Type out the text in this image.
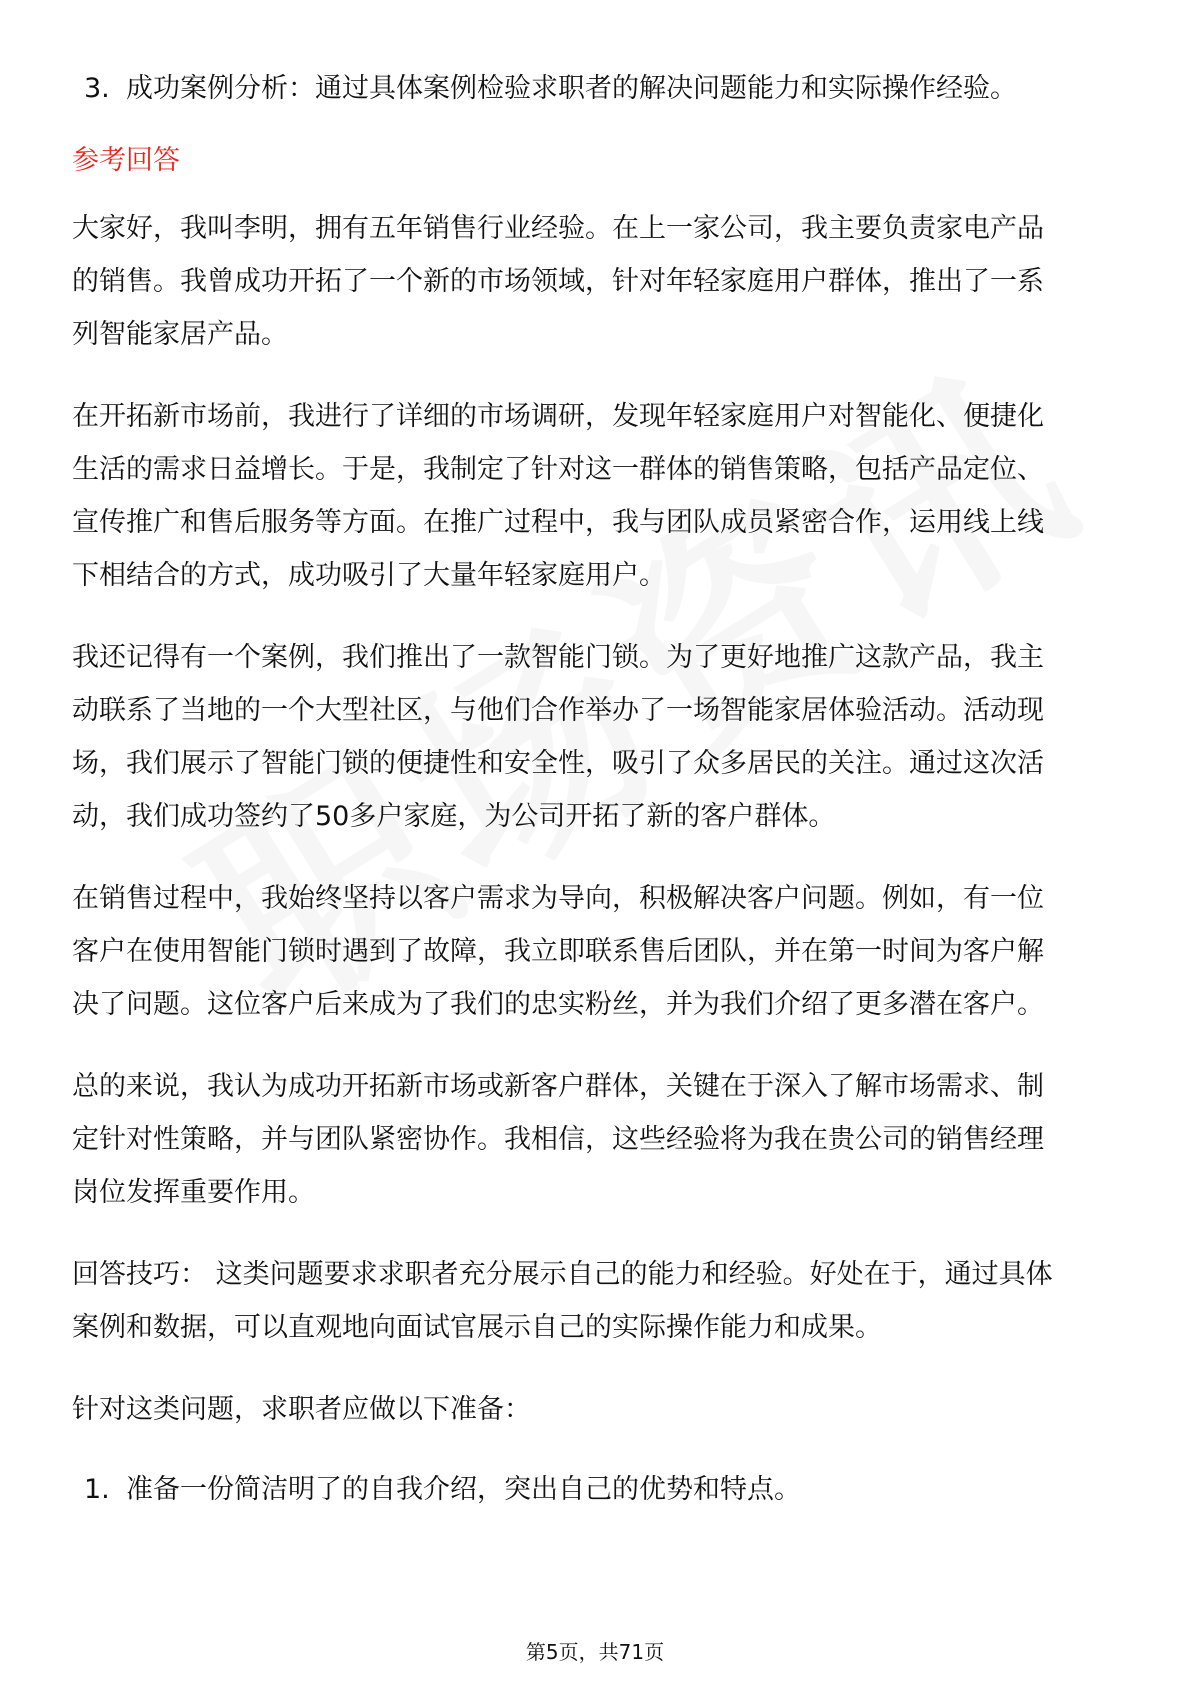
3. 成功案例分析：通过具体案例检验求职者的解决问题能力和实际操作经验。
参考回答
大家好，我叫李明，拥有五年销售行业经验。在上一家公司，我主要负责家电产品
的销售。我曾成功开拓了一个新的市场领域，针对年轻家庭用户群体，推出了一系
列智能家居产品。
在开拓新市场前，我进行了详细的市场调研，发现年轻家庭用户对智能化、便捷化
生活的需求日益增长。于是，我制定了针对这一群体的销售策略，包括产品定位、
宣传推广和售后服务等方面。在推广过程中，我与团队成员紧密合作，运用线上线
下相结合的方式，成功吸引了大量年轻家庭用户。
我还记得有一个案例，我们推出了一款智能门锁。为了更好地推广这款产品，我主
动联系了当地的一个大型社区，与他们合作举办了一场智能家居体验活动。活动现
场，我们展示了智能门锁的便捷性和安全性，吸引了众多居民的关注。通过这次活
动，我们成功签约了50多户家庭，为公司开拓了新的客户群体。
在销售过程中，我始终坚持以客户需求为导向，积极解决客户问题。例如，有一位
客户在使用智能门锁时遇到了故障，我立即联系售后团队，并在第一时间为客户解
决了问题。这位客户后来成为了我们的忠实粉丝，并为我们介绍了更多潜在客户。
总的来说，我认为成功开拓新市场或新客户群体，关键在于深入了解市场需求、制
定针对性策略，并与团队紧密协作。我相信，这些经验将为我在贵公司的销售经理
岗位发挥重要作用。
回答技巧： 这类问题要求求职者充分展示自己的能力和经验。好处在于，通过具体
案例和数据，可以直观地向面试官展示自己的实际操作能力和成果。
针对这类问题，求职者应做以下准备：
1. 准备一份简洁明了的自我介绍，突出自己的优势和特点。
第5页，共71页
